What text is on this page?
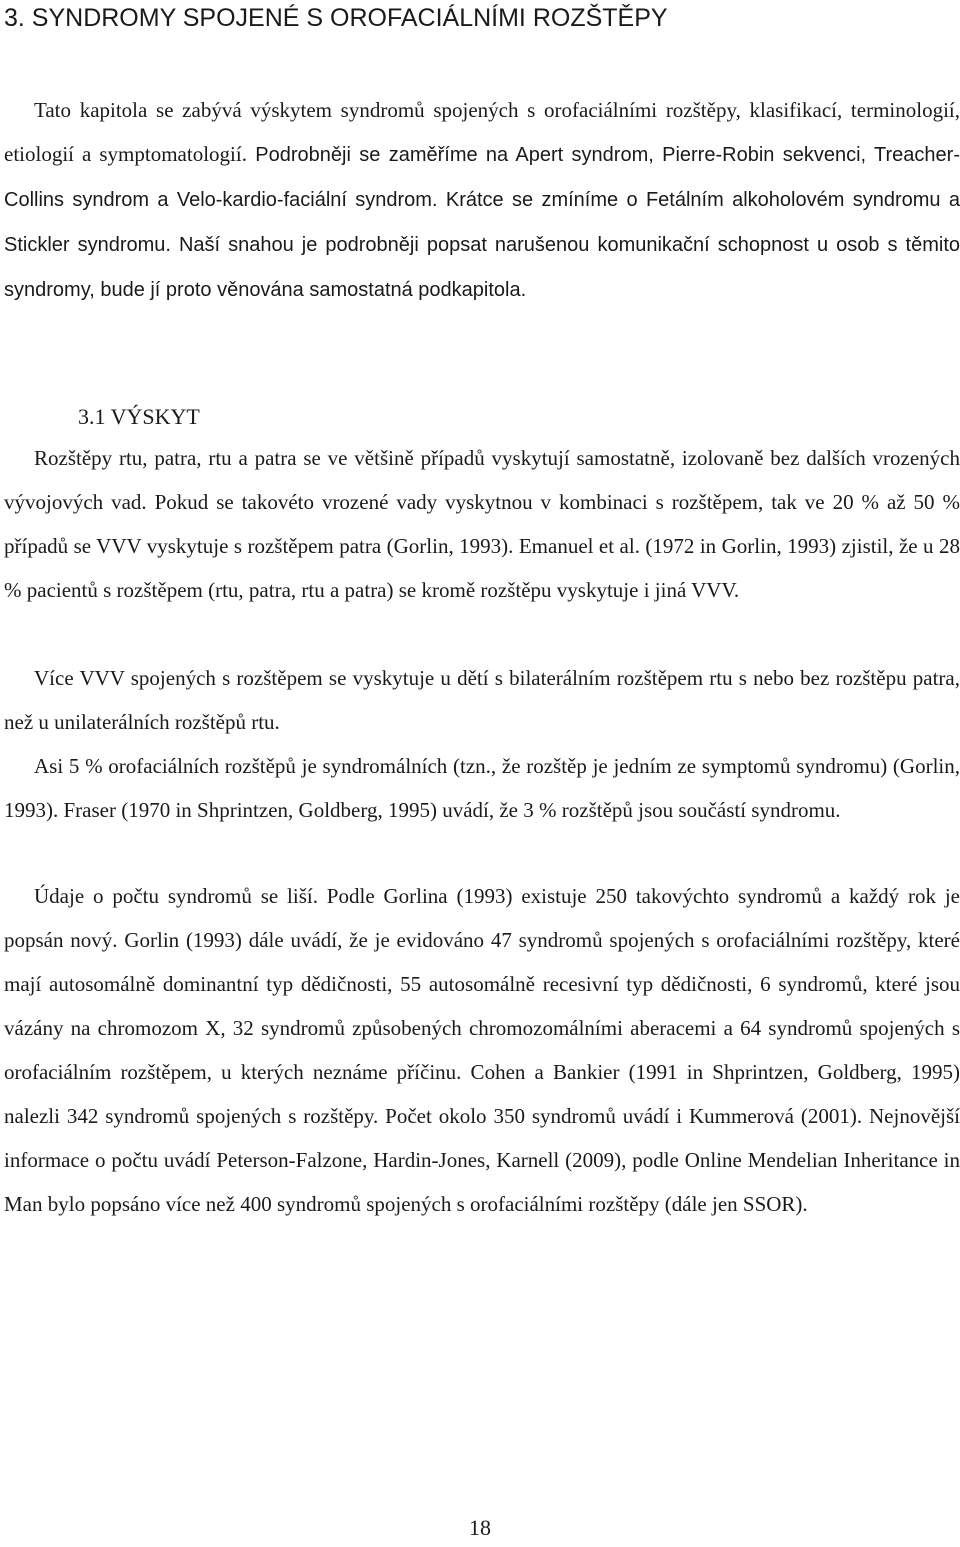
3. SYNDROMY SPOJENÉ S OROFACIÁLNÍMI ROZŠTĚPY

Tato kapitola se zabývá výskytem syndromů spojených s orofaciálními rozštěpy, klasifikací, terminologií, etiologií a symptomatologií. Podrobněji se zaměříme na Apert syndrom, Pierre-Robin sekvenci, Treacher-Collins syndrom a Velo-kardio-faciální syndrom. Krátce se zmíníme o Fetálním alkoholovém syndromu a Stickler syndromu. Naší snahou je podrobněji popsat narušenou komunikační schopnost u osob s těmito syndromy, bude jí proto věnována samostatná podkapitola.

3.1 VÝSKYT

Rozštěpy rtu, patra, rtu a patra se ve většině případů vyskytují samostatně, izolovaně bez dalších vrozených vývojových vad. Pokud se takovéto vrozené vady vyskytnou v kombinaci s rozštěpem, tak ve 20 % až 50 % případů se VVV vyskytuje s rozštěpem patra (Gorlin, 1993). Emanuel et al. (1972 in Gorlin, 1993) zjistil, že u 28 % pacientů s rozštěpem (rtu, patra, rtu a patra) se kromě rozštěpu vyskytuje i jiná VVV.

Více VVV spojených s rozštěpem se vyskytuje u dětí s bilaterálním rozštěpem rtu s nebo bez rozštěpu patra, než u unilaterálních rozštěpů rtu.

Asi 5 % orofaciálních rozštěpů je syndromálních (tzn., že rozštěp je jedním ze symptomů syndromu) (Gorlin, 1993). Fraser (1970 in Shprintzen, Goldberg, 1995) uvádí, že 3 % rozštěpů jsou součástí syndromu.

Údaje o počtu syndromů se liší. Podle Gorlina (1993) existuje 250 takovýchto syndromů a každý rok je popsán nový. Gorlin (1993) dále uvádí, že je evidováno 47 syndromů spojených s orofaciálními rozštěpy, které mají autosomálně dominantní typ dědičnosti, 55 autosomálně recesivní typ dědičnosti, 6 syndromů, které jsou vázány na chromozom X, 32 syndromů způsobených chromozomálními aberacemi a 64 syndromů spojených s orofaciálním rozštěpem, u kterých neznáme příčinu. Cohen a Bankier (1991 in Shprintzen, Goldberg, 1995) nalezli 342 syndromů spojených s rozštěpy. Počet okolo 350 syndromů uvádí i Kummerová (2001). Nejnovější informace o počtu uvádí Peterson-Falzone, Hardin-Jones, Karnell (2009), podle Online Mendelian Inheritance in Man bylo popsáno více než 400 syndromů spojených s orofaciálními rozštěpy (dále jen SSOR).

18
